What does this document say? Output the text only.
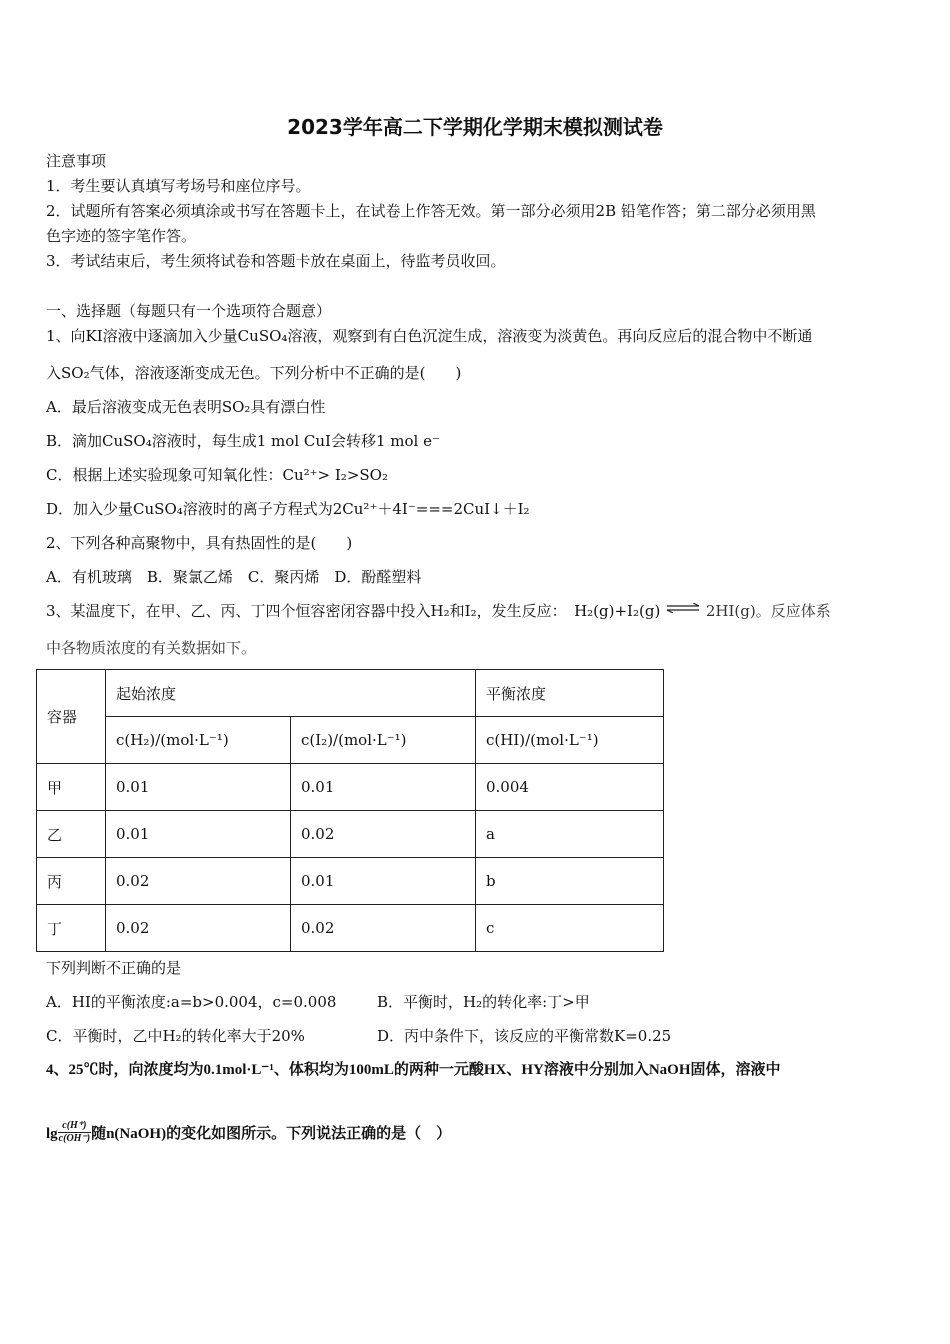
2023学年高二下学期化学期末模拟测试卷
注意事项
1．考生要认真填写考场号和座位序号。
2．试题所有答案必须填涂或书写在答题卡上，在试卷上作答无效。第一部分必须用2B 铅笔作答；第二部分必须用黑
色字迹的签字笔作答。
3．考试结束后，考生须将试卷和答题卡放在桌面上，待监考员收回。
一、选择题（每题只有一个选项符合题意）
1、向KI溶液中逐滴加入少量CuSO₄溶液，观察到有白色沉淀生成，溶液变为淡黄色。再向反应后的混合物中不断通
入SO₂气体，溶液逐渐变成无色。下列分析中不正确的是(　　)
A．最后溶液变成无色表明SO₂具有漂白性
B．滴加CuSO₄溶液时，每生成1 mol CuI会转移1 mol e⁻
C．根据上述实验现象可知氧化性：Cu²⁺> I₂>SO₂
D．加入少量CuSO₄溶液时的离子方程式为2Cu²⁺＋4I⁻===2CuI↓＋I₂
2、下列各种高聚物中，具有热固性的是(　　)
A．有机玻璃　B．聚氯乙烯　C．聚丙烯　D．酚醛塑料
3、某温度下，在甲、乙、丙、丁四个恒容密闭容器中投入H₂和I₂，发生反应：　H₂(g)+I₂(g) ⇌ 2HI(g)。反应体系
中各物质浓度的有关数据如下。
容器	起始浓度		平衡浓度
	c(H₂)/(mol·L⁻¹)	c(I₂)/(mol·L⁻¹)	c(HI)/(mol·L⁻¹)
甲	0.01	0.01	0.004
乙	0.01	0.02	a
丙	0.02	0.01	b
丁	0.02	0.02	c
下列判断不正确的是
A．HI的平衡浓度:a=b>0.004，c=0.008	B．平衡时，H₂的转化率:丁>甲
C．平衡时，乙中H₂的转化率大于20%	D．丙中条件下，该反应的平衡常数K=0.25
4、25℃时，向浓度均为0.1mol·L⁻¹、体积均为100mL的两种一元酸HX、HY溶液中分别加入NaOH固体，溶液中
$\lg \frac{c(H^+)}{c(OH^-)}$ 随n(NaOH)的变化如图所示。下列说法正确的是（　）
